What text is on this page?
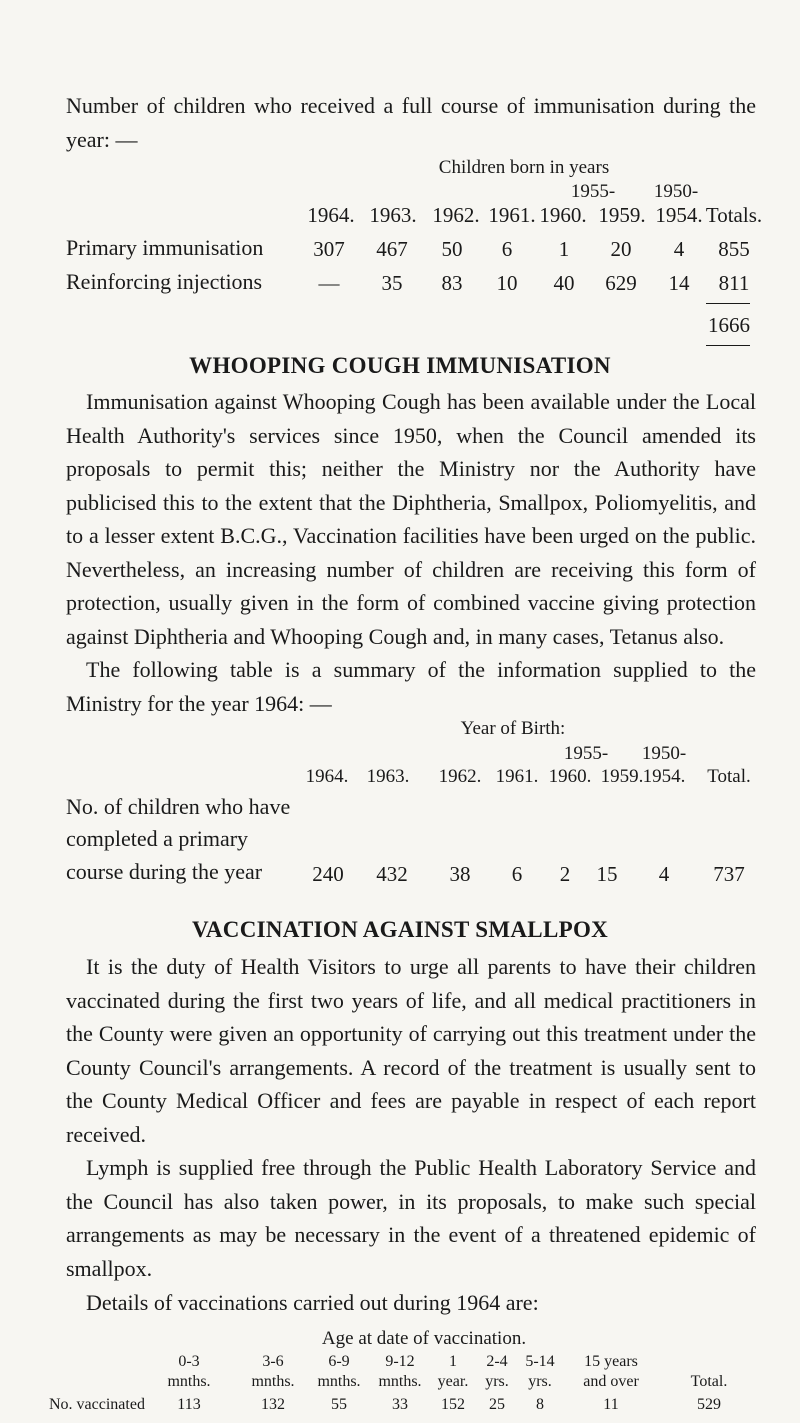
Number of children who received a full course of immunisation during the year: —
Children born in years
1955- 1950-
1964. 1963. 1962. 1961. 1960. 1959. 1954. Totals.
Primary immunisation 307 467 50 6 1 20 4 855
Reinforcing injections	— 35 83 10 40 629 14 811
1666
WHOOPING COUGH IMMUNISATION
Immunisation against Whooping Cough has been available under the Local Health Authority's services since 1950, when the Council amended its proposals to permit this; neither the Ministry nor the Authority have publicised this to the extent that the Diphtheria, Smallpox, Poliomyelitis, and to a lesser extent B.C.G., Vaccination facilities have been urged on the public. Nevertheless, an increasing number of children are receiving this form of protection, usually given in the form of combined vaccine giving protection against Diphtheria and Whooping Cough and, in many cases, Tetanus also.
The following table is a summary of the information supplied to the Ministry for the year 1964: —
Year of Birth:
1955- 1950-
1964. 1963. 1962. 1961. 1960. 1959. 1954. Total.
No. of children who have
completed a primary
course during the year 240 432 38 6 2 15 4 737
VACCINATION AGAINST SMALLPOX
It is the duty of Health Visitors to urge all parents to have their children vaccinated during the first two years of life, and all medical practitioners in the County were given an opportunity of carrying out this treatment under the County Council's arrangements. A record of the treatment is usually sent to the County Medical Officer and fees are payable in respect of each report received.
Lymph is supplied free through the Public Health Laboratory Service and the Council has also taken power, in its proposals, to make such special arrangements as may be necessary in the event of a threatened epidemic of smallpox.
Details of vaccinations carried out during 1964 are:
Age at date of vaccination.
0-3	3-6	6-9 9-12 1 2-4 5-14 15 years
mnths.	mnths. mnths. mnths. year. yrs. yrs. and over	Total.
No. vaccinated 113	132	55	33 152 25 8	11	529
